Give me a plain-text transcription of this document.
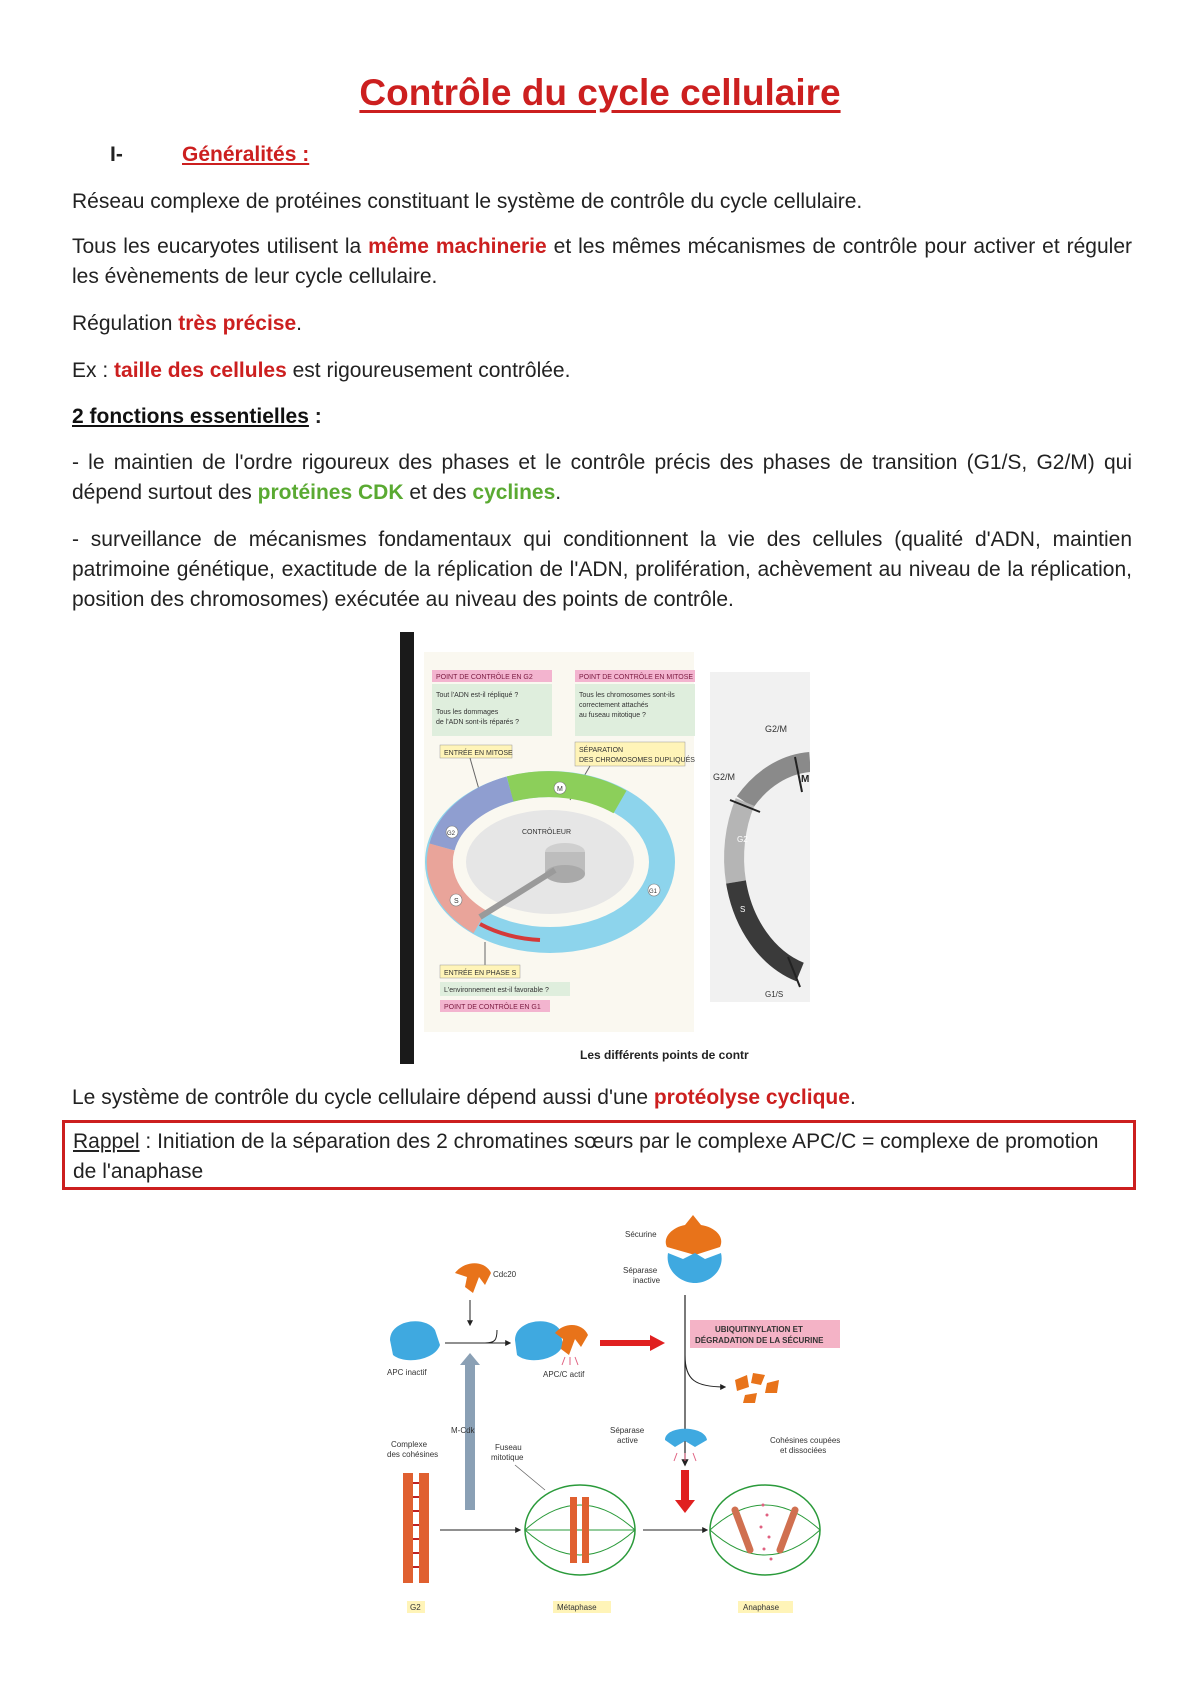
Contrôle du cycle cellulaire
I-	Généralités :
Réseau complexe de protéines constituant le système de contrôle du cycle cellulaire.
Tous les eucaryotes utilisent la même machinerie et les mêmes mécanismes de contrôle pour activer et réguler les évènements de leur cycle cellulaire.
Régulation très précise.
Ex : taille des cellules est rigoureusement contrôlée.
2 fonctions essentielles :
- le maintien de l'ordre rigoureux des phases et le contrôle précis des phases de transition (G1/S, G2/M) qui dépend surtout des protéines CDK et des cyclines.
- surveillance de mécanismes fondamentaux qui conditionnent la vie des cellules (qualité d'ADN, maintien patrimoine génétique, exactitude de la réplication de l'ADN, prolifération, achèvement au niveau de la réplication, position des chromosomes) exécutée au niveau des points de contrôle.
POINT DE CONTRÔLE EN G2
Tout l'ADN est-il répliqué ?
Tous les dommages
de l'ADN sont-ils réparés ?
POINT DE CONTRÔLE EN MITOSE
Tous les chromosomes sont-ils
correctement attachés
au fuseau mitotique ?
ENTRÉE EN MITOSE	SÉPARATION
DES CHROMOSOMES DUPLIQUÉS
CONTRÔLEUR
M
G2
S
G1
ENTRÉE EN PHASE S
L'environnement est-il favorable ?
POINT DE CONTRÔLE EN G1
G2/M
G2/M	M
G2
S
G1/S
Les différents points de contr
Le système de contrôle du cycle cellulaire dépend aussi d'une protéolyse cyclique.
Rappel : Initiation de la séparation des 2 chromatines sœurs par le complexe APC/C = complexe de promotion de l'anaphase
Sécurine
Séparase
inactive
Cdc20
APC inactif	APC/C actif
UBIQUITINYLATION ET
DÉGRADATION DE LA SÉCURINE
M-Cdk	Séparase
active
Complexe
des cohésines
Fuseau
mitotique
Cohésines coupées
et dissociées
G2	Métaphase	Anaphase
